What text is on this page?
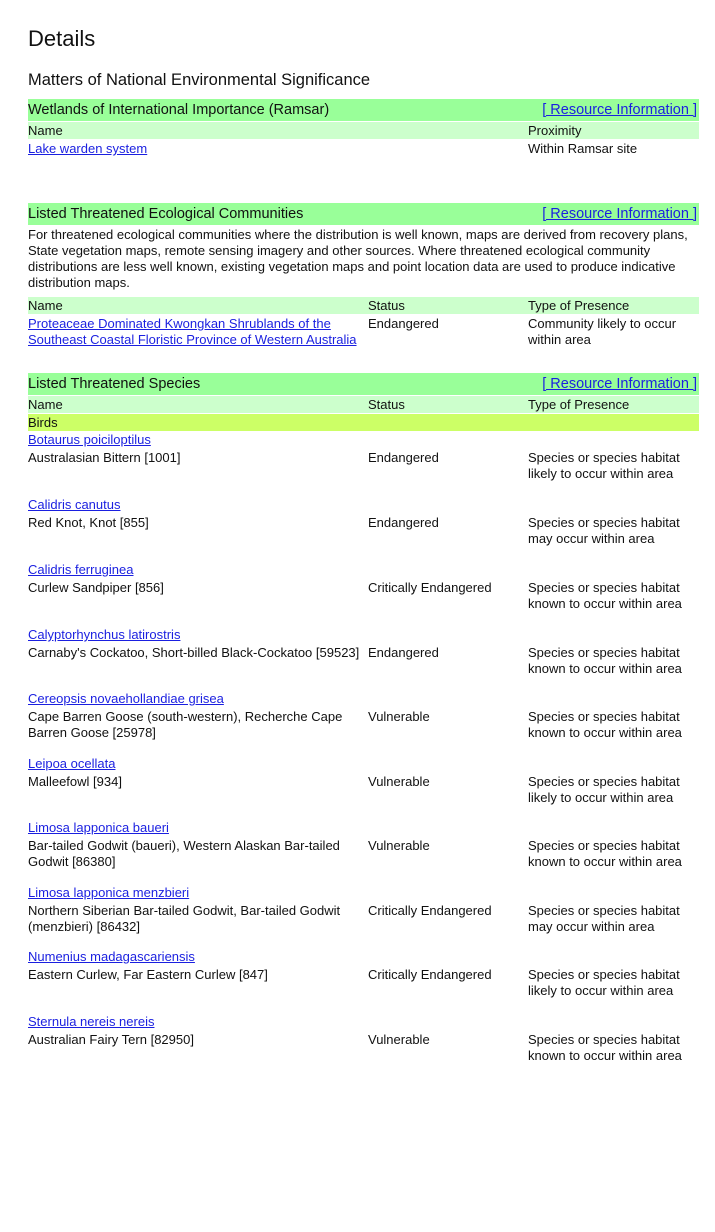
Details
Matters of National Environmental Significance
Wetlands of International Importance (Ramsar)	[ Resource Information ]
Name	Proximity
Lake warden system	Within Ramsar site
Listed Threatened Ecological Communities	[ Resource Information ]
For threatened ecological communities where the distribution is well known, maps are derived from recovery plans, State vegetation maps, remote sensing imagery and other sources. Where threatened ecological community distributions are less well known, existing vegetation maps and point location data are used to produce indicative distribution maps.
Name	Status	Type of Presence
Proteaceae Dominated Kwongkan Shrublands of the Southeast Coastal Floristic Province of Western Australia
Endangered	Community likely to occur within area
Listed Threatened Species	[ Resource Information ]
Name	Status	Type of Presence
Birds
Botaurus poiciloptilus
Australasian Bittern [1001]	Endangered	Species or species habitat likely to occur within area
Calidris canutus
Red Knot, Knot [855]	Endangered	Species or species habitat may occur within area
Calidris ferruginea
Curlew Sandpiper [856]	Critically Endangered	Species or species habitat known to occur within area
Calyptorhynchus latirostris
Carnaby's Cockatoo, Short-billed Black-Cockatoo [59523] Endangered	Species or species habitat known to occur within area
Cereopsis novaehollandiae grisea
Cape Barren Goose (south-western), Recherche Cape Barren Goose [25978]
Vulnerable	Species or species habitat known to occur within area
Leipoa ocellata
Malleefowl [934]	Vulnerable	Species or species habitat likely to occur within area
Limosa lapponica baueri
Bar-tailed Godwit (baueri), Western Alaskan Bar-tailed Godwit [86380]
Vulnerable	Species or species habitat known to occur within area
Limosa lapponica menzbieri
Northern Siberian Bar-tailed Godwit, Bar-tailed Godwit (menzbieri) [86432]
Critically Endangered	Species or species habitat may occur within area
Numenius madagascariensis
Eastern Curlew, Far Eastern Curlew [847]	Critically Endangered	Species or species habitat likely to occur within area
Sternula nereis nereis
Australian Fairy Tern [82950]	Vulnerable	Species or species habitat known to occur within area
